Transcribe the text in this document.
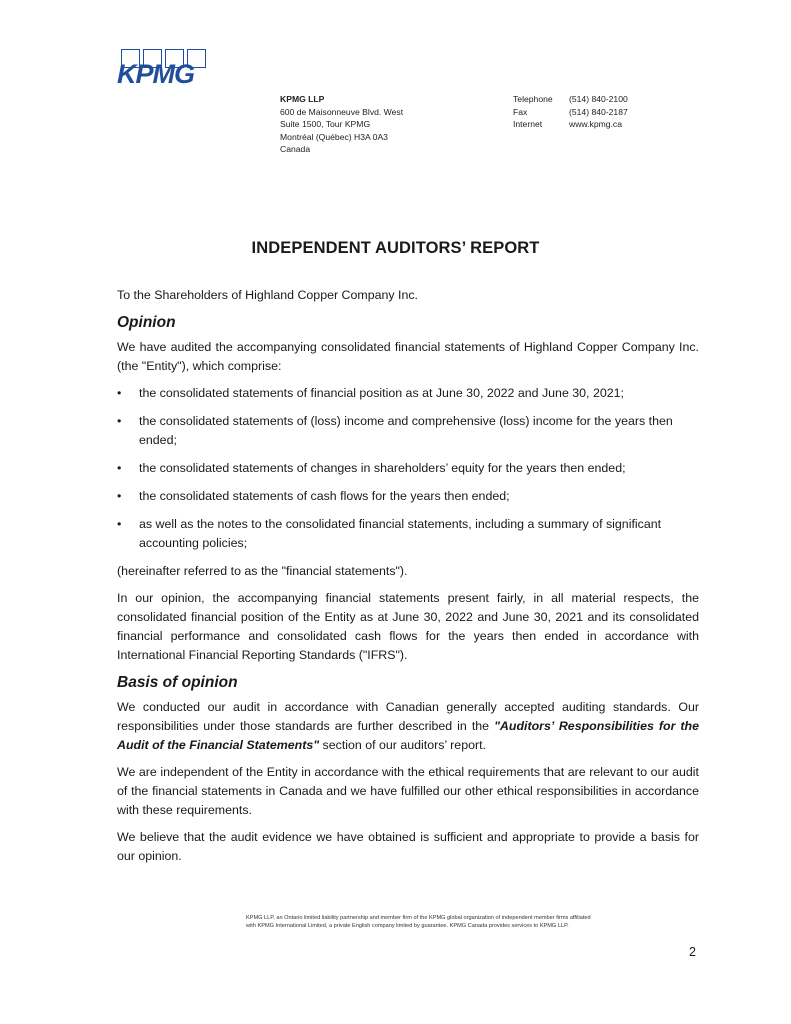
KPMG
KPMG LLP
600 de Maisonneuve Blvd. West
Suite 1500, Tour KPMG
Montréal (Québec) H3A 0A3
Canada
Telephone	(514) 840-2100
Fax	(514) 840-2187
Internet	www.kpmg.ca
INDEPENDENT AUDITORS’ REPORT

To the Shareholders of Highland Copper Company Inc.

Opinion

We have audited the accompanying consolidated financial statements of Highland Copper Company Inc. (the "Entity"), which comprise:

• the consolidated statements of financial position as at June 30, 2022 and June 30, 2021;
• the consolidated statements of (loss) income and comprehensive (loss) income for the years then ended;
• the consolidated statements of changes in shareholders’ equity for the years then ended;
• the consolidated statements of cash flows for the years then ended;
• as well as the notes to the consolidated financial statements, including a summary of significant accounting policies;

(hereinafter referred to as the "financial statements").

In our opinion, the accompanying financial statements present fairly, in all material respects, the consolidated financial position of the Entity as at June 30, 2022 and June 30, 2021 and its consolidated financial performance and consolidated cash flows for the years then ended in accordance with International Financial Reporting Standards ("IFRS").

Basis of opinion

We conducted our audit in accordance with Canadian generally accepted auditing standards. Our responsibilities under those standards are further described in the "Auditors’ Responsibilities for the Audit of the Financial Statements" section of our auditors’ report.

We are independent of the Entity in accordance with the ethical requirements that are relevant to our audit of the financial statements in Canada and we have fulfilled our other ethical responsibilities in accordance with these requirements.

We believe that the audit evidence we have obtained is sufficient and appropriate to provide a basis for our opinion.

KPMG LLP, an Ontario limited liability partnership and member firm of the KPMG global organization of independent member firms affiliated with KPMG International Limited, a private English company limited by guarantee. KPMG Canada provides services to KPMG LLP.
2
